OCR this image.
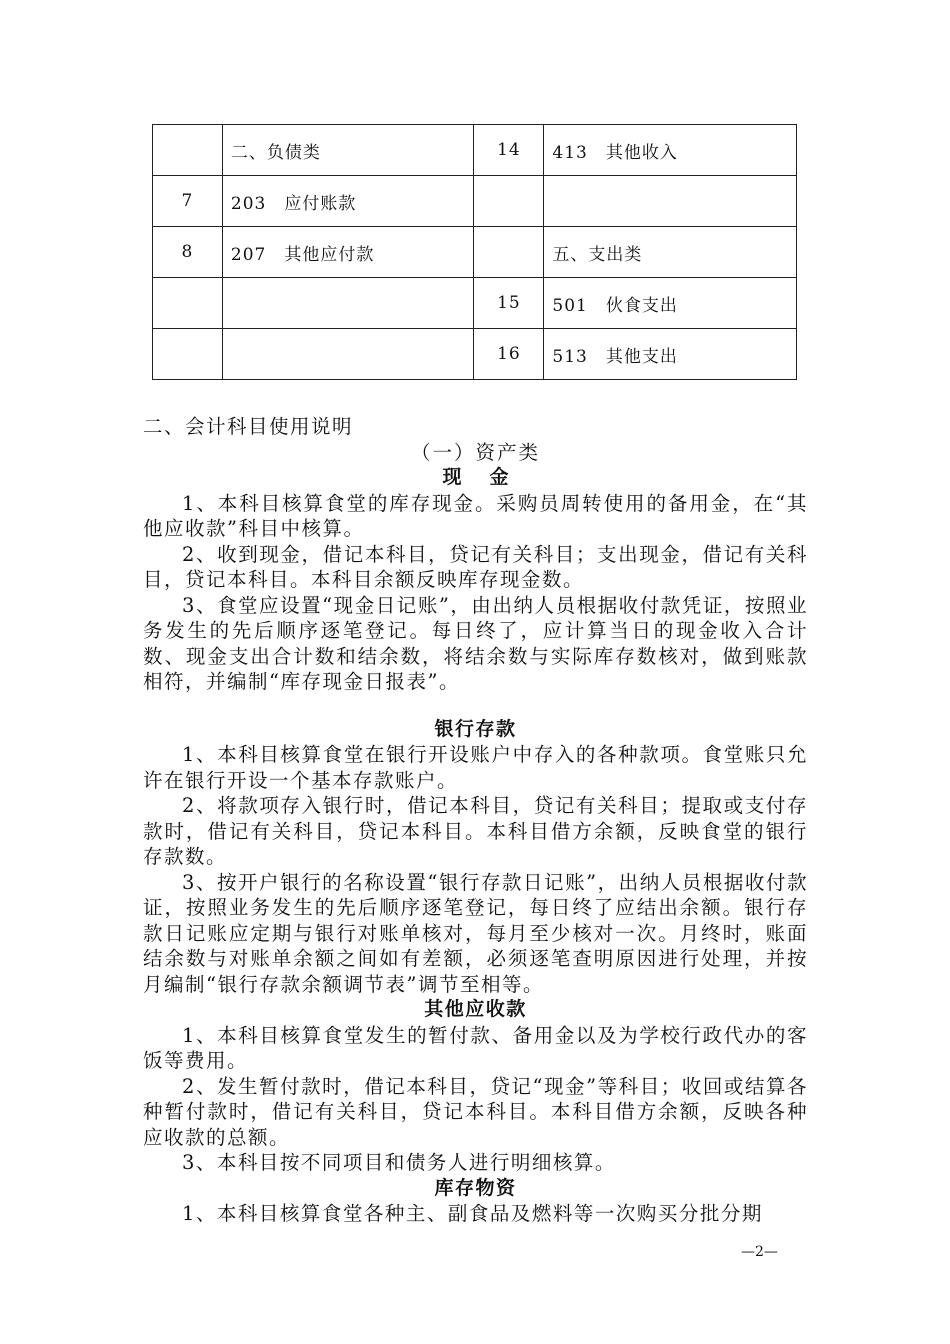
	二、负债类	14	413　其他收入
7	203　应付账款		
8	207　其他应付款		五、支出类
		15	501　伙食支出
		16	513　其他支出

二、会计科目使用说明

（一）资产类

现金

1、本科目核算食堂的库存现金。采购员周转使用的备用金，在“其他应收款”科目中核算。

2、收到现金，借记本科目，贷记有关科目；支出现金，借记有关科目，贷记本科目。本科目余额反映库存现金数。

3、食堂应设置“现金日记账”，由出纳人员根据收付款凭证，按照业务发生的先后顺序逐笔登记。每日终了，应计算当日的现金收入合计数、现金支出合计数和结余数，将结余数与实际库存数核对，做到账款相符，并编制“库存现金日报表”。

银行存款

1、本科目核算食堂在银行开设账户中存入的各种款项。食堂账只允许在银行开设一个基本存款账户。

2、将款项存入银行时，借记本科目，贷记有关科目；提取或支付存款时，借记有关科目，贷记本科目。本科目借方余额，反映食堂的银行存款数。

3、按开户银行的名称设置“银行存款日记账”，出纳人员根据收付款证，按照业务发生的先后顺序逐笔登记，每日终了应结出余额。银行存款日记账应定期与银行对账单核对，每月至少核对一次。月终时，账面结余数与对账单余额之间如有差额，必须逐笔查明原因进行处理，并按月编制“银行存款余额调节表”调节至相等。

其他应收款

1、本科目核算食堂发生的暂付款、备用金以及为学校行政代办的客饭等费用。

2、发生暂付款时，借记本科目，贷记“现金”等科目；收回或结算各种暂付款时，借记有关科目，贷记本科目。本科目借方余额，反映各种应收款的总额。

3、本科目按不同项目和债务人进行明细核算。

库存物资

1、本科目核算食堂各种主、副食品及燃料等一次购买分批分期

—2—
